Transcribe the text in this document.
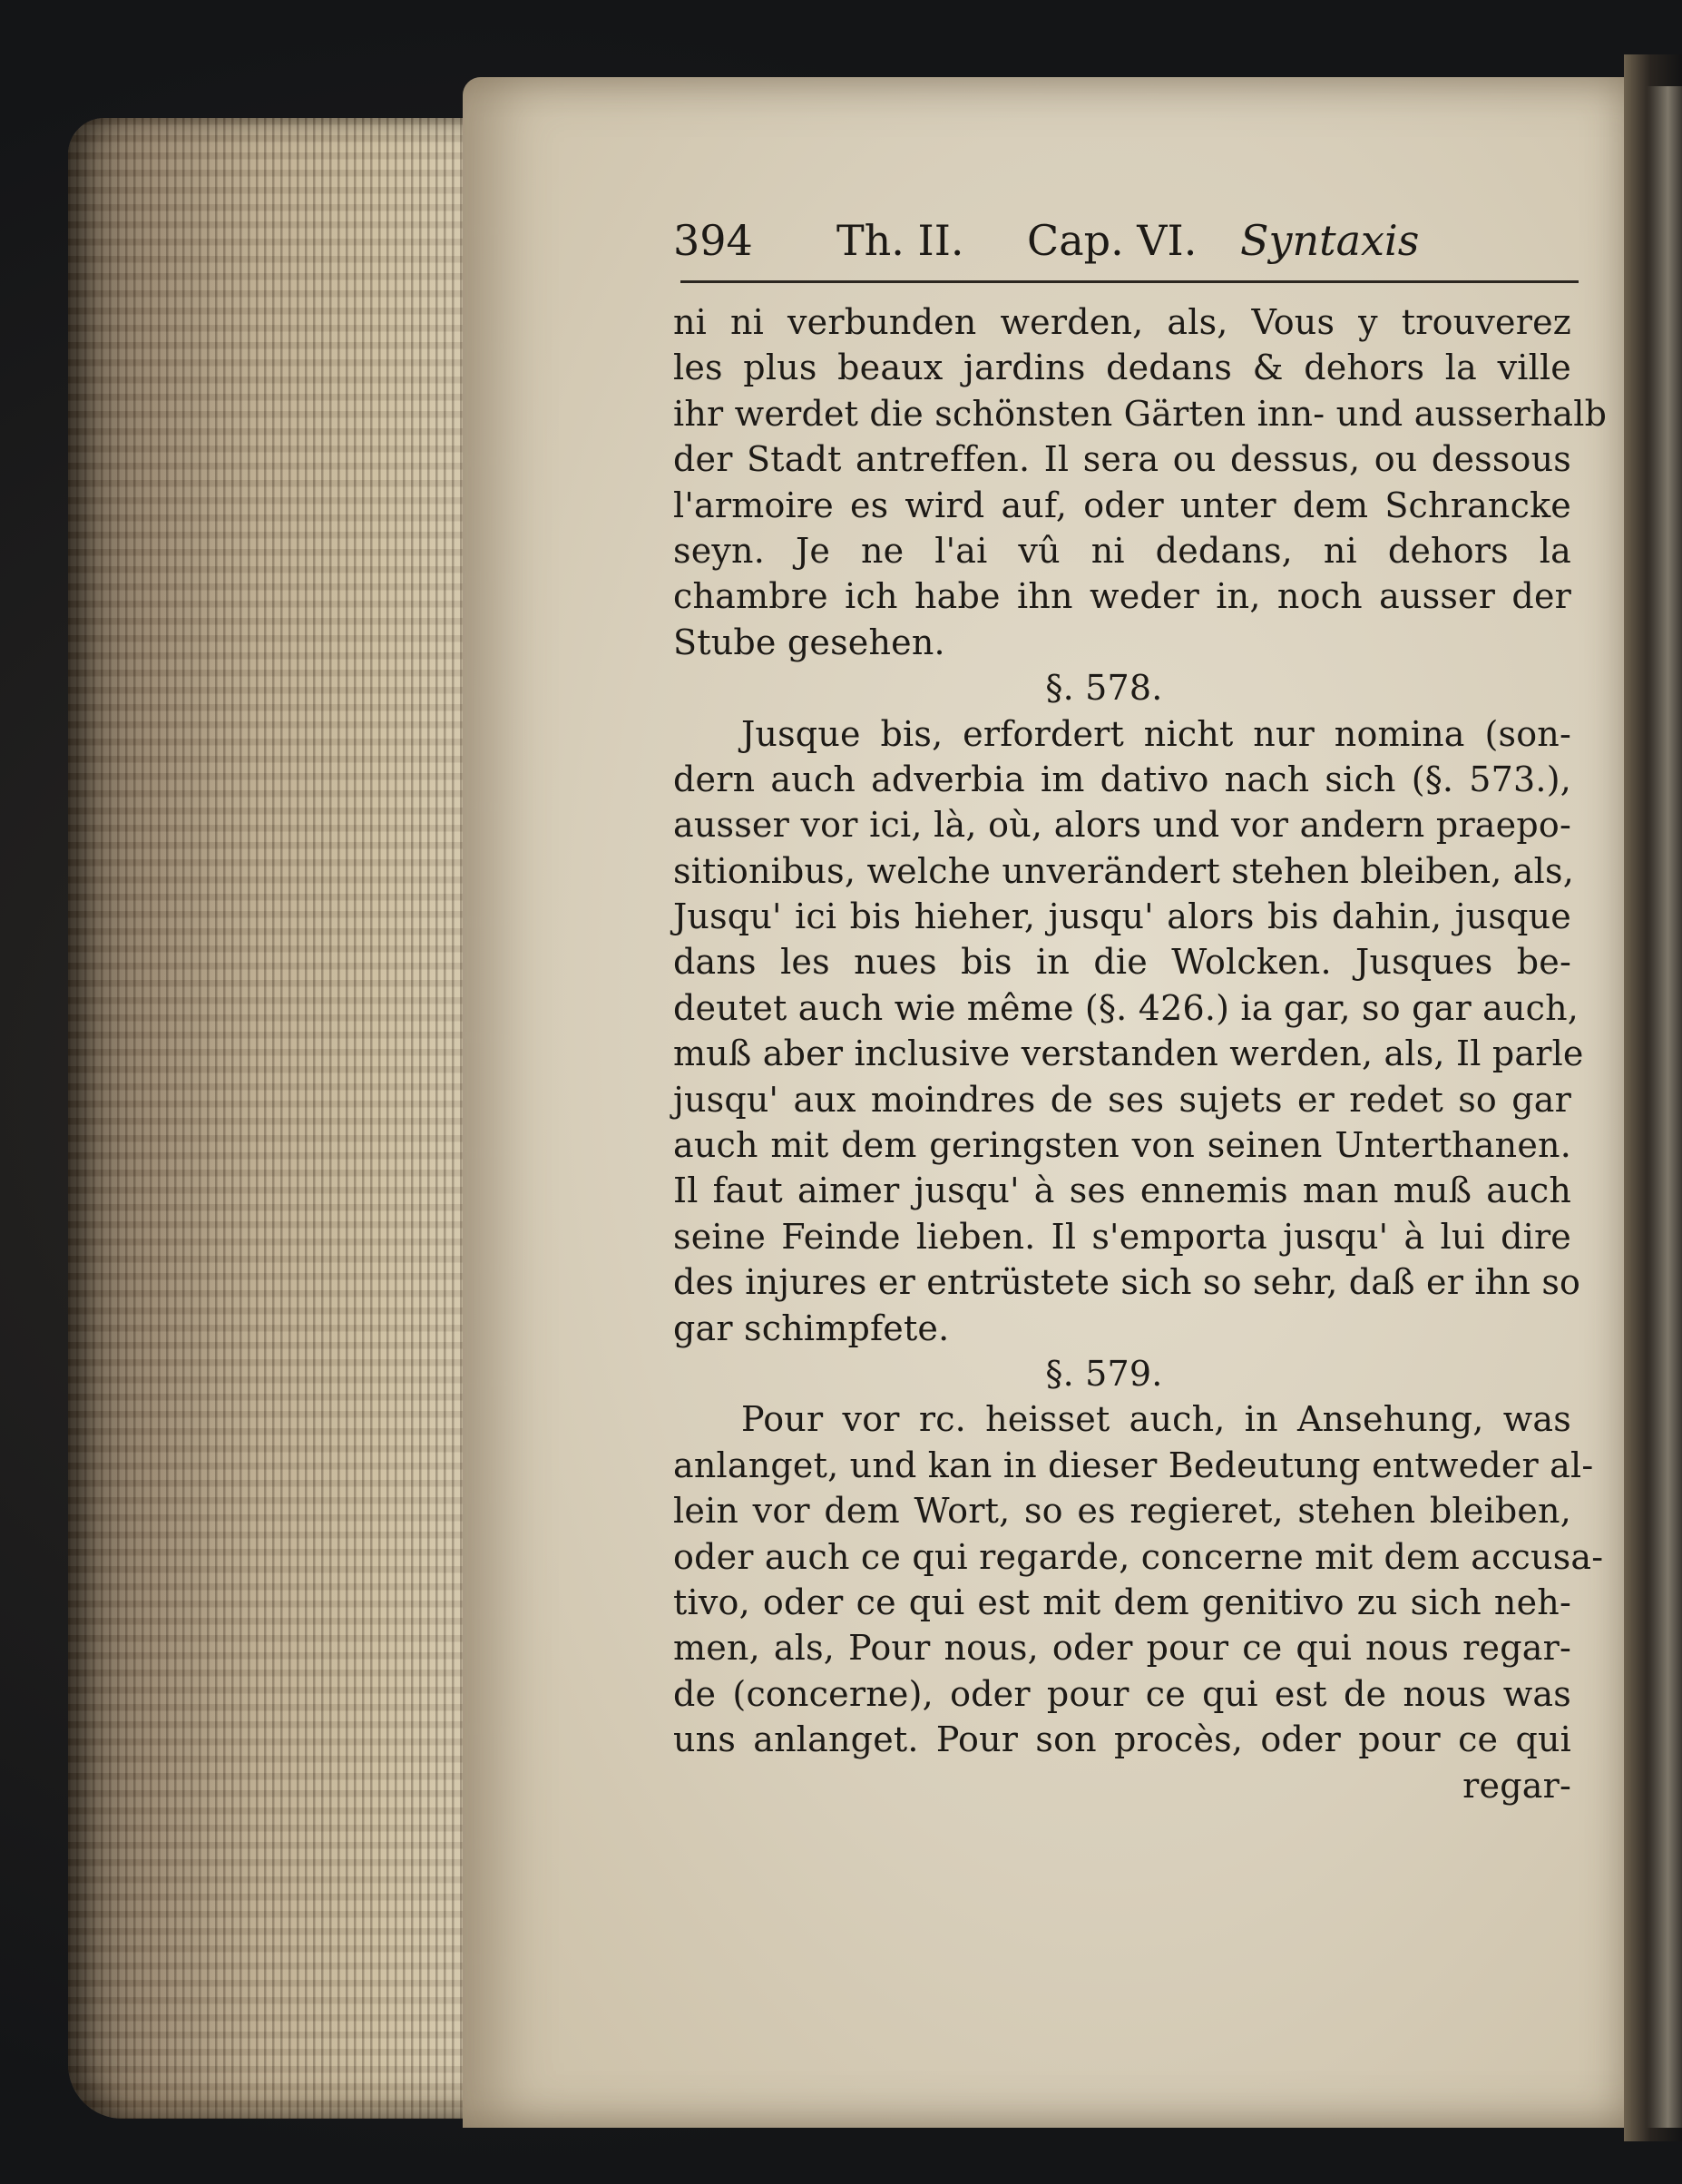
394 Th. II. Cap. VI. Syntaxis
ni ni verbunden werden, als, Vous y trouverez
les plus beaux jardins dedans & dehors la ville
ihr werdet die schönsten Gärten inn- und ausserhalb
der Stadt antreffen. Il sera ou dessus, ou dessous
l'armoire es wird auf, oder unter dem Schrancke
seyn. Je ne l'ai vû ni dedans, ni dehors la
chambre ich habe ihn weder in, noch ausser der
Stube gesehen.
§. 578.
Jusque bis, erfordert nicht nur nomina (son-
dern auch adverbia im dativo nach sich (§. 573.),
ausser vor ici, là, où, alors und vor andern praepo-
sitionibus, welche unverändert stehen bleiben, als,
Jusqu' ici bis hieher, jusqu' alors bis dahin, jusque
dans les nues bis in die Wolcken. Jusques be-
deutet auch wie même (§. 426.) ia gar, so gar auch,
muß aber inclusive verstanden werden, als, Il parle
jusqu' aux moindres de ses sujets er redet so gar
auch mit dem geringsten von seinen Unterthanen.
Il faut aimer jusqu' à ses ennemis man muß auch
seine Feinde lieben. Il s'emporta jusqu' à lui dire
des injures er entrüstete sich so sehr, daß er ihn so
gar schimpfete.
§. 579.
Pour vor rc. heisset auch, in Ansehung, was
anlanget, und kan in dieser Bedeutung entweder al-
lein vor dem Wort, so es regieret, stehen bleiben,
oder auch ce qui regarde, concerne mit dem accusa-
tivo, oder ce qui est mit dem genitivo zu sich neh-
men, als, Pour nous, oder pour ce qui nous regar-
de (concerne), oder pour ce qui est de nous was
uns anlanget. Pour son procès, oder pour ce qui
regar-
